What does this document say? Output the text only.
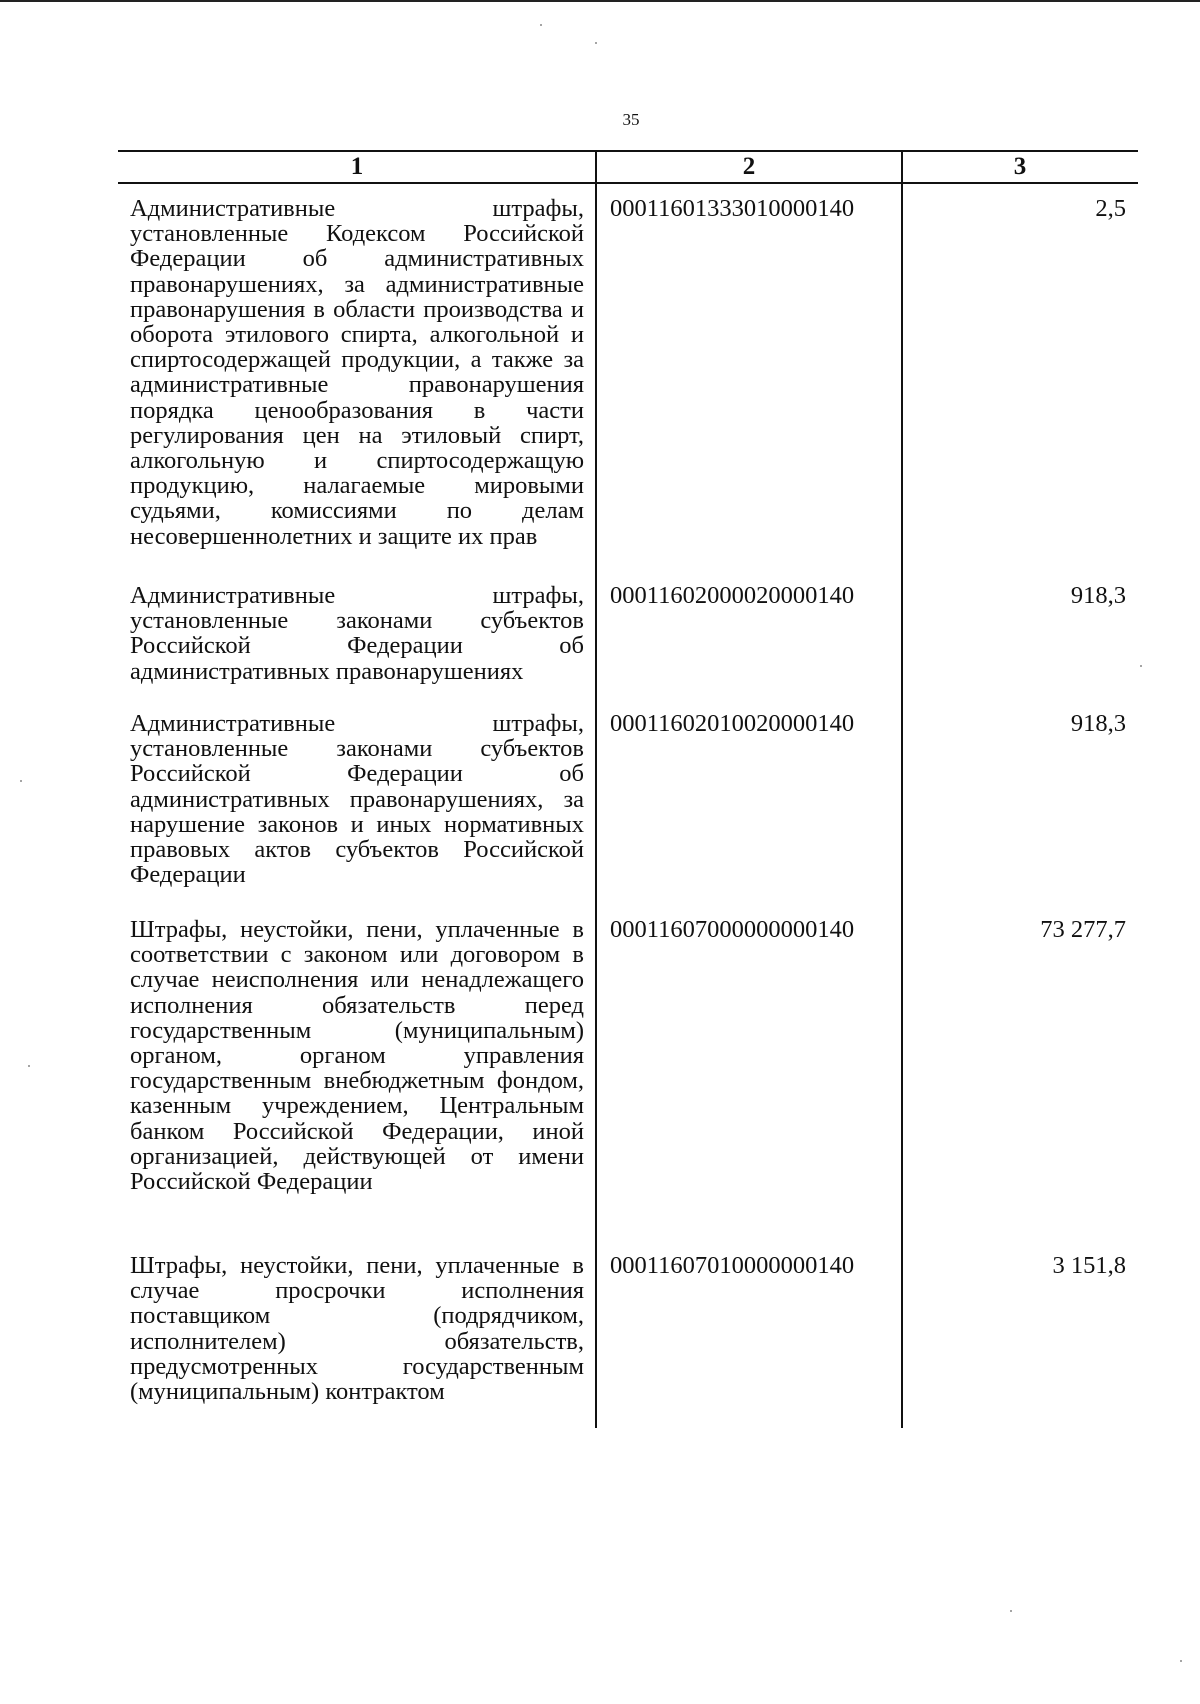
35
1	2	3
Административные штрафы, установленные Кодексом Российской Федерации об административных правонарушениях, за административные правонарушения в области производства и оборота этилового спирта, алкогольной и спиртосодержащей продукции, а также за административные правонарушения порядка ценообразования в части регулирования цен на этиловый спирт, алкогольную и спиртосодержащую продукцию, налагаемые мировыми судьями, комиссиями по делам несовершеннолетних и защите их прав
00011601333010000140	2,5
Административные штрафы, установленные законами субъектов Российской Федерации об административных правонарушениях
00011602000020000140	918,3
Административные штрафы, установленные законами субъектов Российской Федерации об административных правонарушениях, за нарушение законов и иных нормативных правовых актов субъектов Российской Федерации
00011602010020000140	918,3
Штрафы, неустойки, пени, уплаченные в соответствии с законом или договором в случае неисполнения или ненадлежащего исполнения обязательств перед государственным (муниципальным) органом, органом управления государственным внебюджетным фондом, казенным учреждением, Центральным банком Российской Федерации, иной организацией, действующей от имени Российской Федерации
00011607000000000140	73 277,7
Штрафы, неустойки, пени, уплаченные в случае просрочки исполнения поставщиком (подрядчиком, исполнителем) обязательств, предусмотренных государственным (муниципальным) контрактом
00011607010000000140	3 151,8
